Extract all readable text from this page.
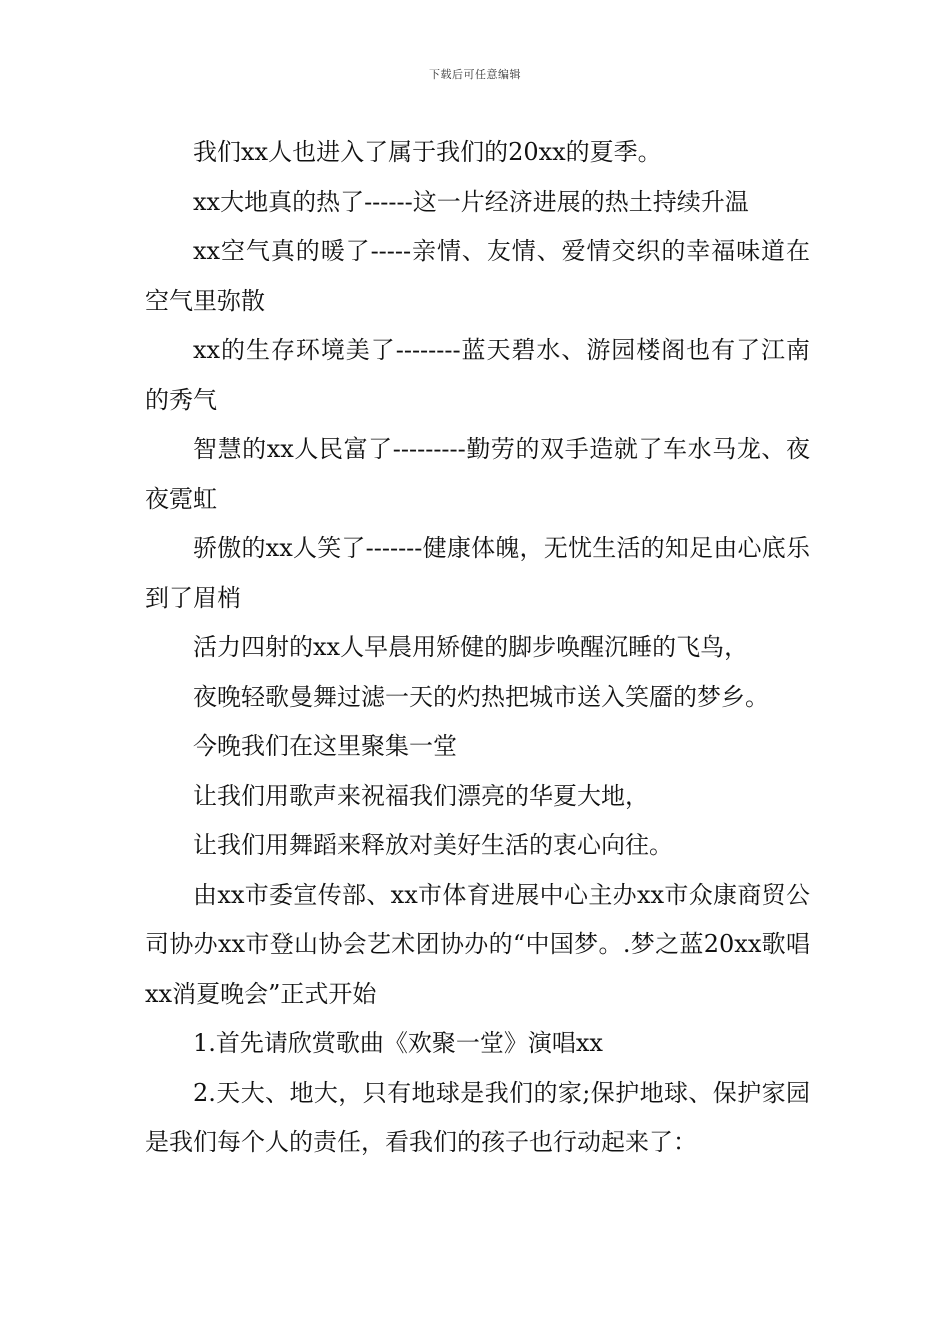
下载后可任意编辑

我们xx人也进入了属于我们的20xx的夏季。

xx大地真的热了------这一片经济进展的热土持续升温

xx空气真的暖了-----亲情、友情、爱情交织的幸福味道在空气里弥散

xx的生存环境美了--------蓝天碧水、游园楼阁也有了江南的秀气

智慧的xx人民富了---------勤劳的双手造就了车水马龙、夜夜霓虹

骄傲的xx人笑了-------健康体魄，无忧生活的知足由心底乐到了眉梢

活力四射的xx人早晨用矫健的脚步唤醒沉睡的飞鸟，

夜晚轻歌曼舞过滤一天的灼热把城市送入笑靥的梦乡。

今晚我们在这里聚集一堂

让我们用歌声来祝福我们漂亮的华夏大地，

让我们用舞蹈来释放对美好生活的衷心向往。

由xx市委宣传部、xx市体育进展中心主办xx市众康商贸公司协办xx市登山协会艺术团协办的“中国梦。.梦之蓝20xx歌唱xx消夏晚会”正式开始

1.首先请欣赏歌曲《欢聚一堂》演唱xx

2.天大、地大，只有地球是我们的家;保护地球、保护家园是我们每个人的责任，看我们的孩子也行动起来了：
